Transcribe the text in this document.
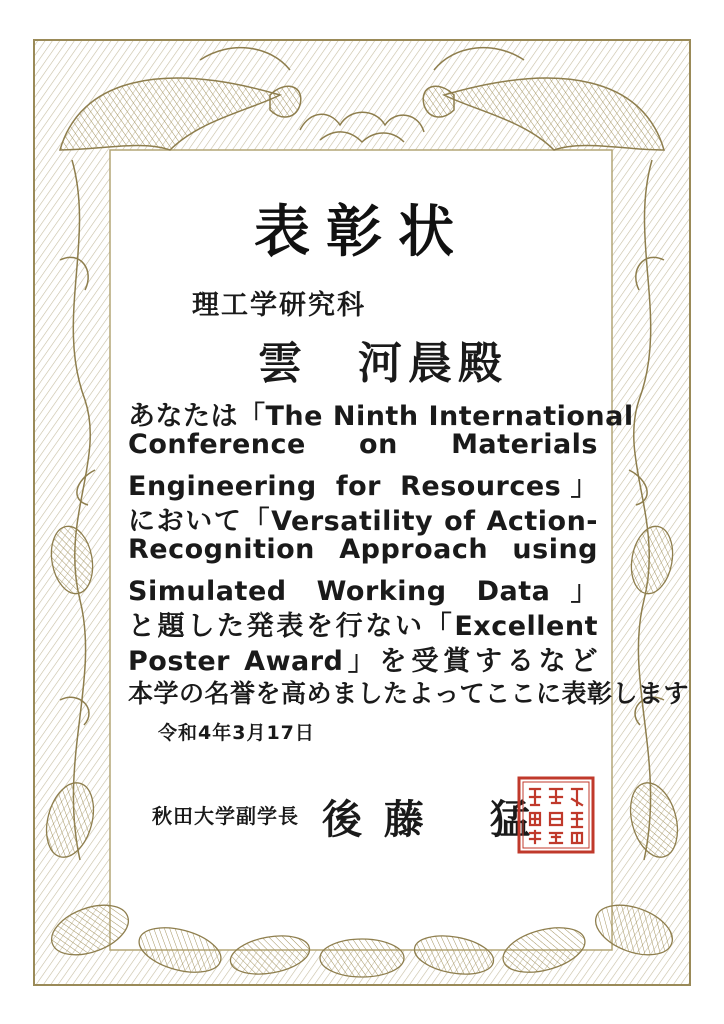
表彰状
理工学研究科
雲　河晨殿
あなたは「The Ninth International
Conference on Materials
Engineering for Resources」
において「Versatility of Action-
Recognition Approach using
Simulated Working Data」
と題した発表を行ない「Excellent
Poster Award」を受賞するなど
本学の名誉を高めましたよってここに表彰します
令和4年3月17日
秋田大学副学長 後 藤　 猛
